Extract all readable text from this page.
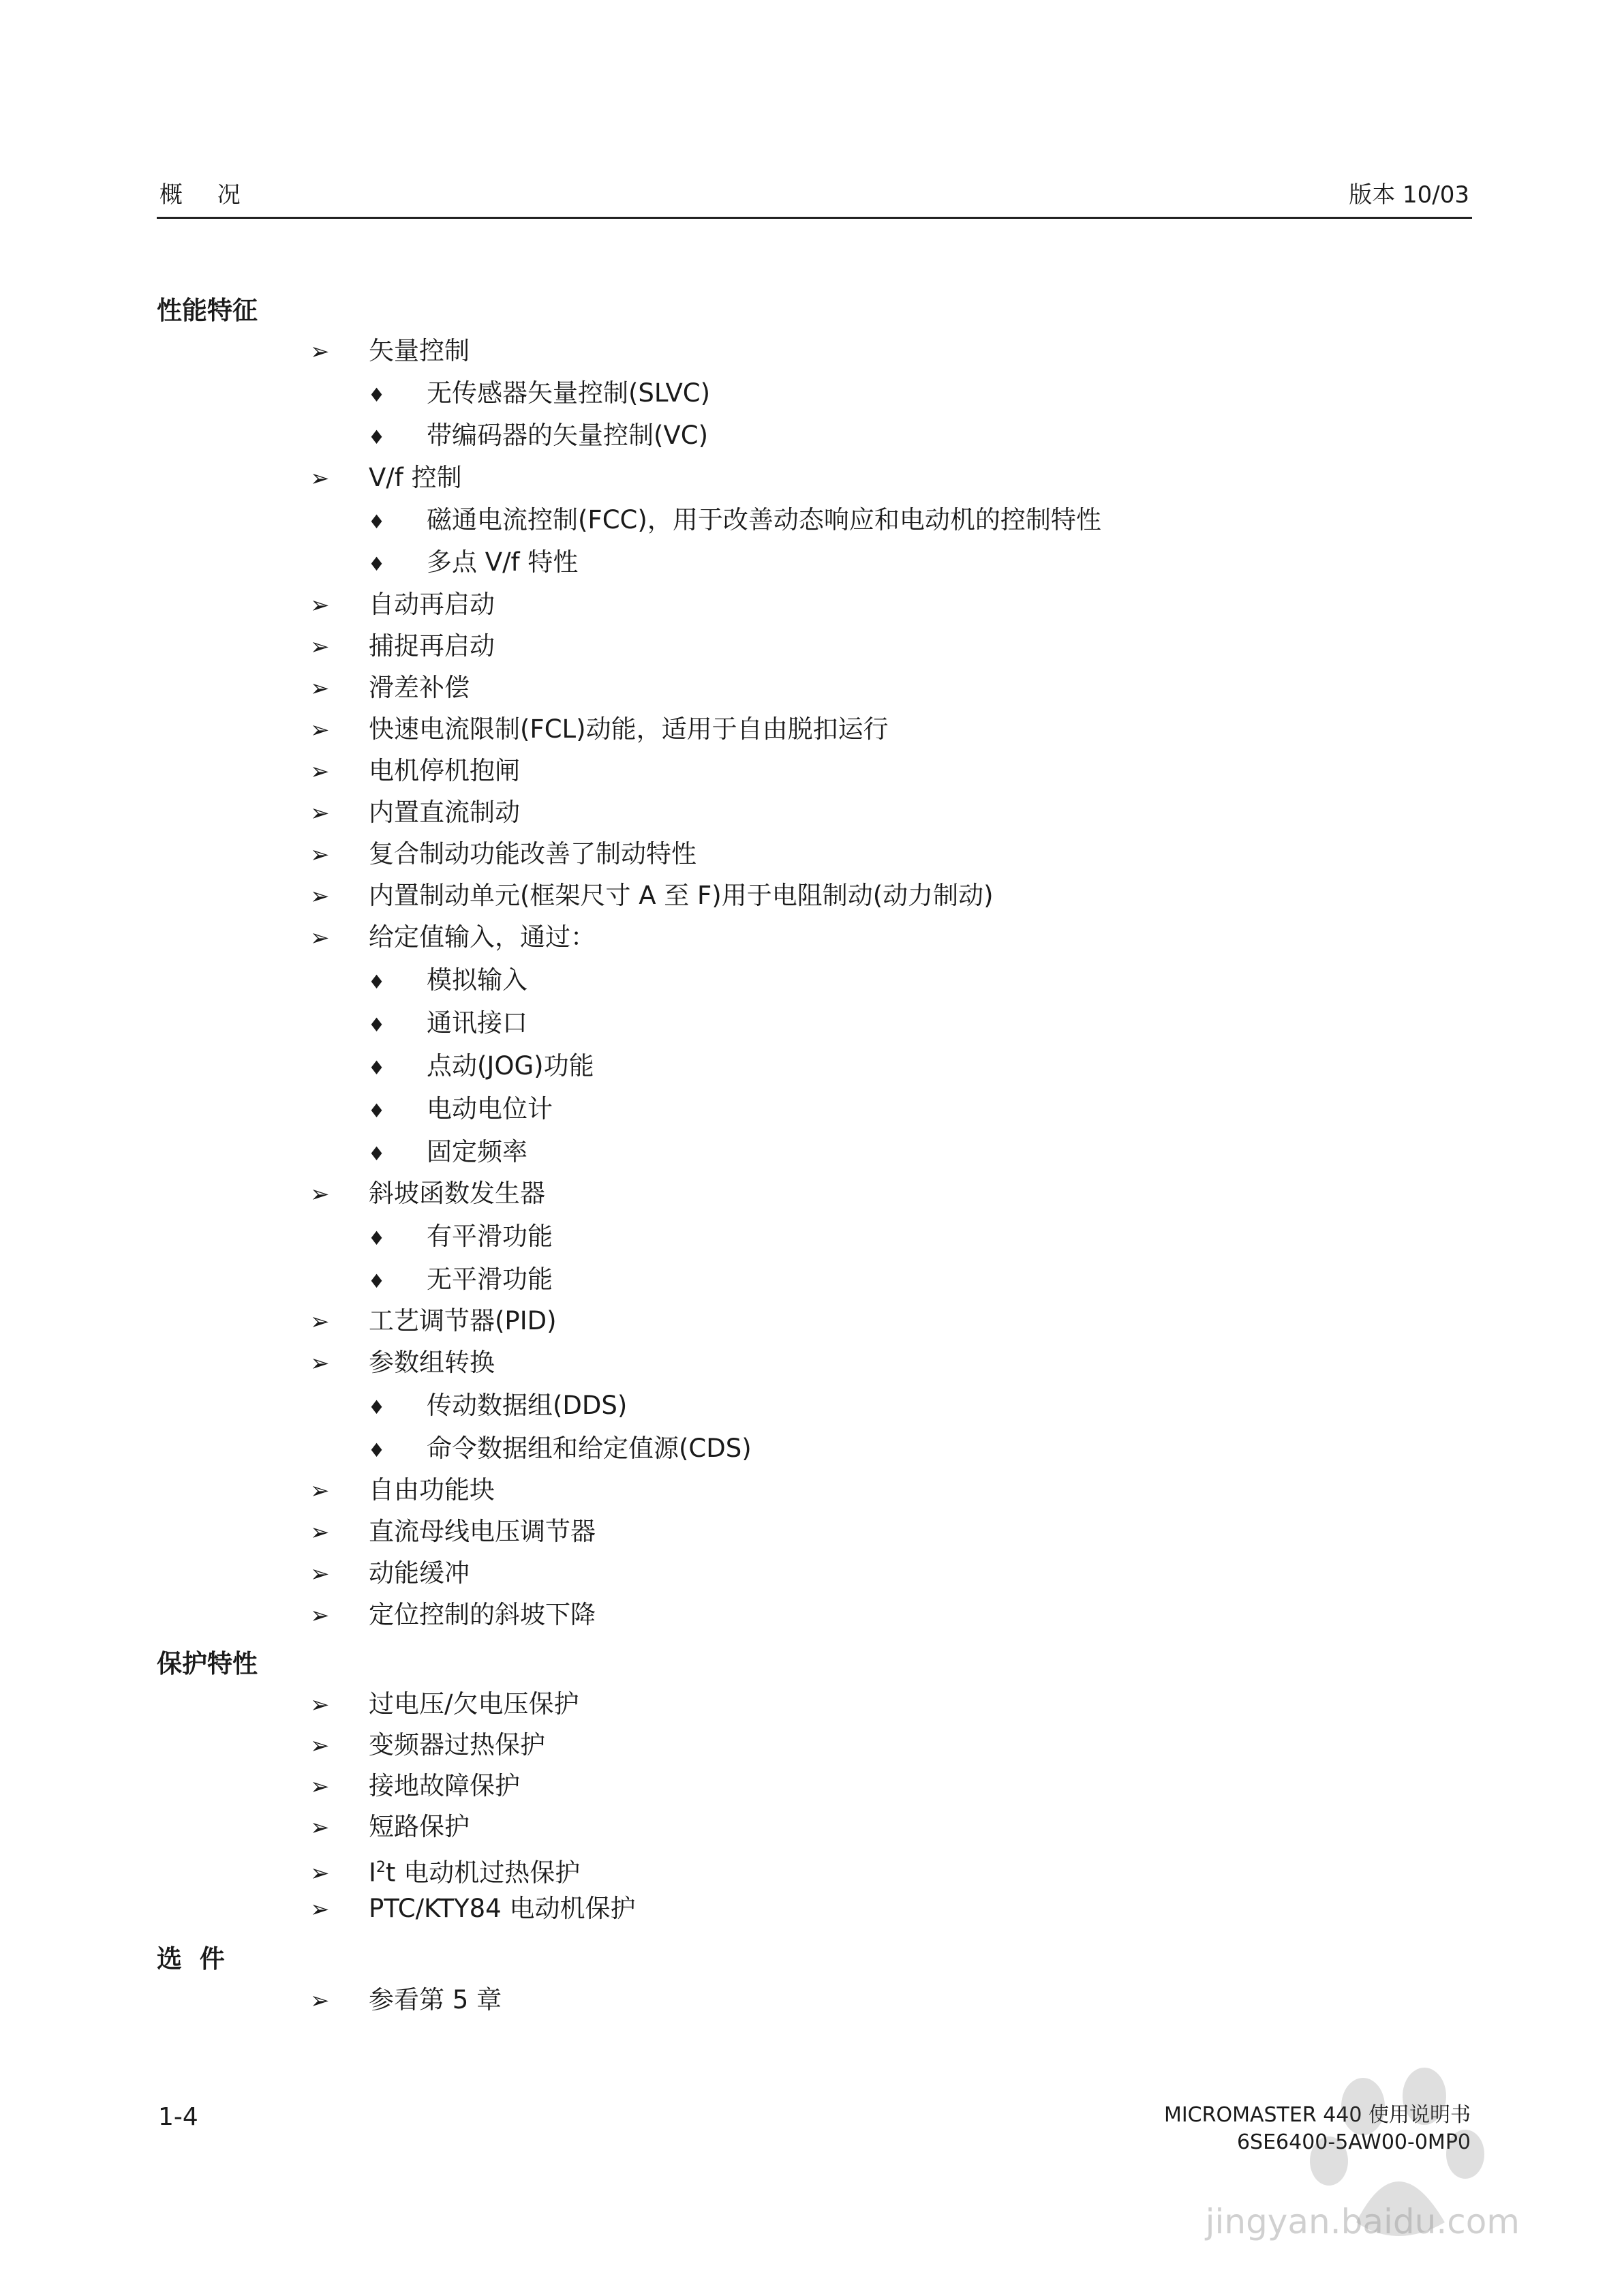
概 况	版本 10/03
性能特征
➢ 矢量控制
♦ 无传感器矢量控制(SLVC)
♦ 带编码器的矢量控制(VC)
➢ V/f 控制
♦ 磁通电流控制(FCC)，用于改善动态响应和电动机的控制特性
♦ 多点 V/f 特性
➢ 自动再启动
➢ 捕捉再启动
➢ 滑差补偿
➢ 快速电流限制(FCL)动能，适用于自由脱扣运行
➢ 电机停机抱闸
➢ 内置直流制动
➢ 复合制动功能改善了制动特性
➢ 内置制动单元(框架尺寸 A 至 F)用于电阻制动(动力制动)
➢ 给定值输入，通过：
♦ 模拟输入
♦ 通讯接口
♦ 点动(JOG)功能
♦ 电动电位计
♦ 固定频率
➢ 斜坡函数发生器
♦ 有平滑功能
♦ 无平滑功能
➢ 工艺调节器(PID)
➢ 参数组转换
♦ 传动数据组(DDS)
♦ 命令数据组和给定值源(CDS)
➢ 自由功能块
➢ 直流母线电压调节器
➢ 动能缓冲
➢ 定位控制的斜坡下降
保护特性
➢ 过电压/欠电压保护
➢ 变频器过热保护
➢ 接地故障保护
➢ 短路保护
➢ $I^2t$ 电动机过热保护
➢ PTC/KTY84 电动机保护
选  件
➢ 参看第 5 章
1-4	MICROMASTER 440 使用说明书
6SE6400-5AW00-0MP0
jingyan.baidu.com
